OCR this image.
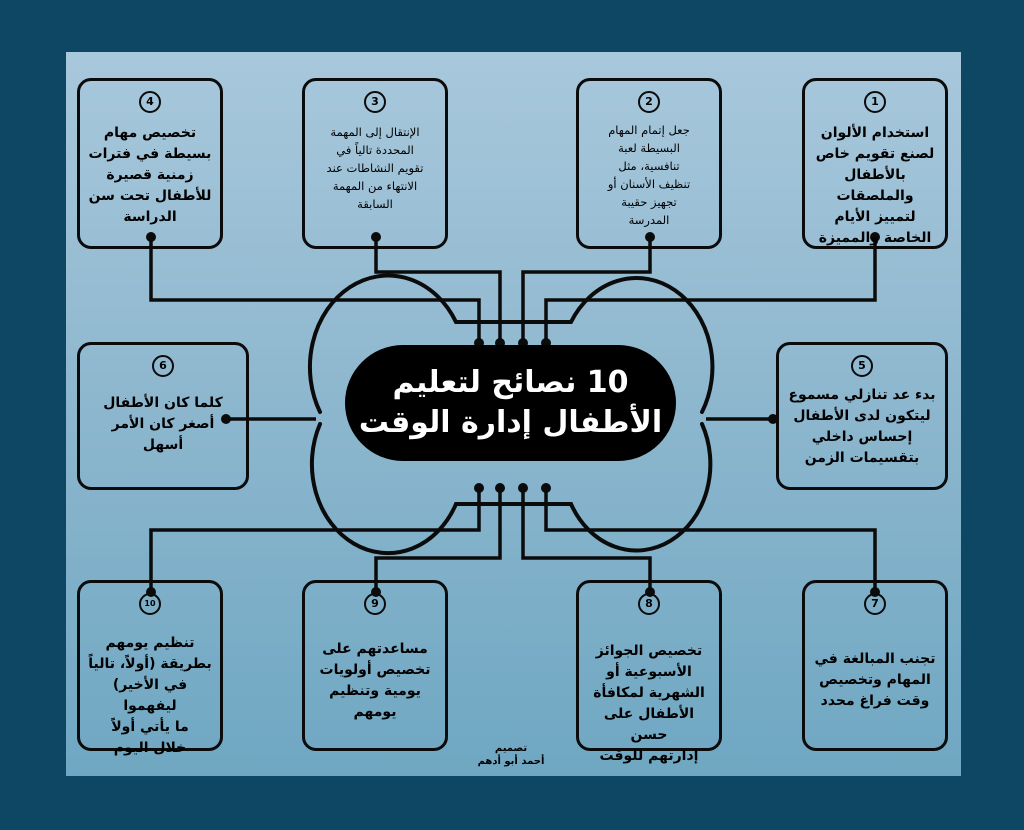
1
استخدام الألوان
لصنع تقويم خاص
بالأطفال والملصقات
لتمييز الأيام
الخاصة والمميزة
2
جعل إتمام المهام
البسيطة لعبة
تنافسية، مثل
تنظيف الأسنان أو
تجهيز حقيبة
المدرسة
3
الإنتقال إلى المهمة
المحددة تالياً في
تقويم النشاطات عند
الانتهاء من المهمة
السابقة
4
تخصيص مهام
بسيطة في فترات
زمنية قصيرة
للأطفال تحت سن
الدراسة
6
كلما كان الأطفال
أصغر كان الأمر
أسهل
5
بدء عد تنازلي مسموع
ليتكون لدى الأطفال
إحساس داخلي
بتقسيمات الزمن
10 نصائح لتعليم
الأطفال إدارة الوقت
7
تجنب المبالغة في
المهام وتخصيص
وقت فراغ محدد
8
تخصيص الجوائز
الأسبوعية أو
الشهرية لمكافأة
الأطفال على حسن
إدارتهم للوقت
9
مساعدتهم على
تخصيص أولويات
يومية وتنظيم
يومهم
10
تنظيم يومهم
بطريقة (أولاً، تالياً
في الأخير) ليفهموا
ما يأتي أولاً
خلال اليوم	تصميم
أحمد أبو أدهم
